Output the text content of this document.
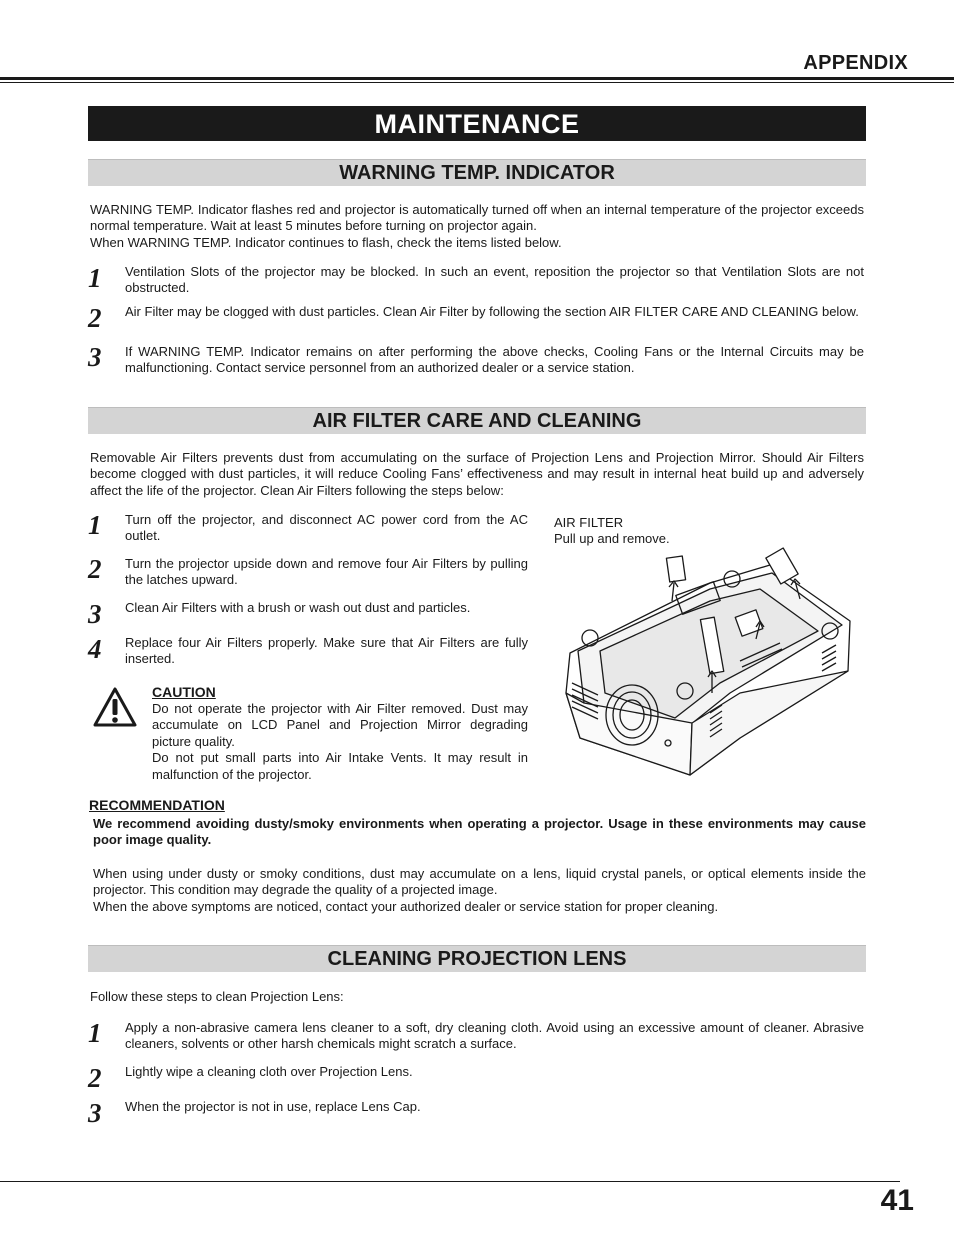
APPENDIX
MAINTENANCE
WARNING TEMP. INDICATOR
WARNING TEMP. Indicator flashes red and projector is automatically turned off when an internal temperature of the projector exceeds normal temperature. Wait at least 5 minutes before turning on projector again.
When WARNING TEMP. Indicator continues to flash, check the items listed below.
1	Ventilation Slots of the projector may be blocked. In such an event, reposition the projector so that Ventilation Slots are not obstructed.
2	Air Filter may be clogged with dust particles. Clean Air Filter by following the section AIR FILTER CARE AND CLEANING below.
3	If WARNING TEMP. Indicator remains on after performing the above checks, Cooling Fans or the Internal Circuits may be malfunctioning. Contact service personnel from an authorized dealer or a service station.
AIR FILTER CARE AND CLEANING
Removable Air Filters prevents dust from accumulating on the surface of Projection Lens and Projection Mirror. Should Air Filters become clogged with dust particles, it will reduce Cooling Fans’ effectiveness and may result in internal heat build up and adversely affect the life of the projector. Clean Air Filters following the steps below:
1	Turn off the projector, and disconnect AC power cord from the AC outlet.
2	Turn the projector upside down and remove four Air Filters by pulling the latches upward.
3	Clean Air Filters with a brush or wash out dust and particles.
4	Replace four Air Filters properly. Make sure that Air Filters are fully inserted.
AIR FILTER
Pull up and remove.
CAUTION
Do not operate the projector with Air Filter removed. Dust may accumulate on LCD Panel and Projection Mirror degrading picture quality.
Do not put small parts into Air Intake Vents. It may result in malfunction of the projector.
RECOMMENDATION
We recommend avoiding dusty/smoky environments when operating a projector. Usage in these environments may cause poor image quality.
When using under dusty or smoky conditions, dust may accumulate on a lens, liquid crystal panels, or optical elements inside the projector. This condition may degrade the quality of a projected image.
When the above symptoms are noticed, contact your authorized dealer or service station for proper cleaning.
CLEANING PROJECTION LENS
Follow these steps to clean Projection Lens:
1	Apply a non-abrasive camera lens cleaner to a soft, dry cleaning cloth. Avoid using an excessive amount of cleaner. Abrasive cleaners, solvents or other harsh chemicals might scratch a surface.
2	Lightly wipe a cleaning cloth over Projection Lens.
3	When the projector is not in use, replace Lens Cap.
41
